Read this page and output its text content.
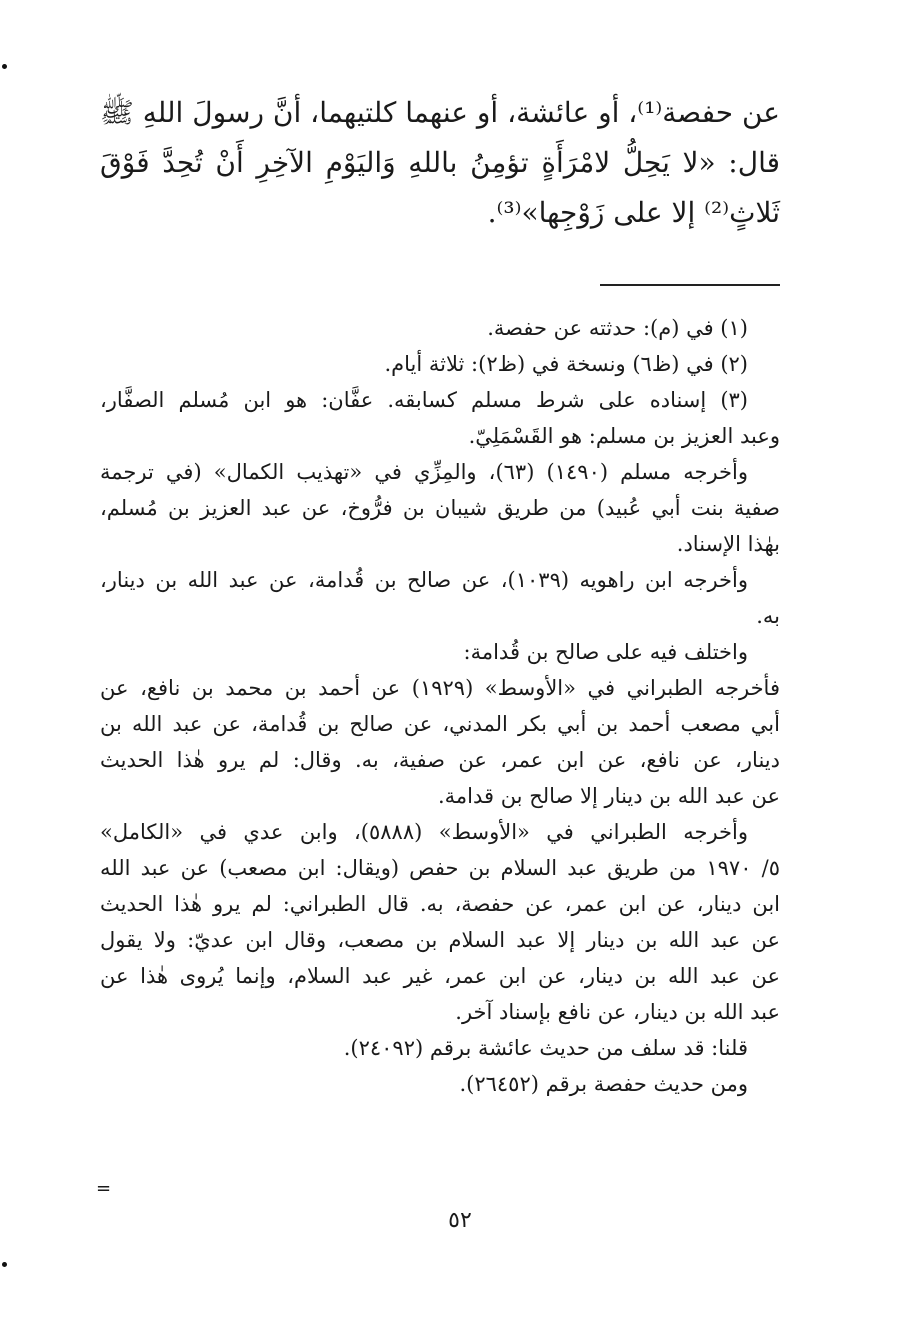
عن حفصة⁽¹⁾، أو عائشة، أو عنهما كلتيهما، أنَّ رسولَ اللهِ ﷺ قال: «لا يَحِلُّ لامْرَأَةٍ تؤمِنُ باللهِ وَاليَوْمِ الآخِرِ أَنْ تُحِدَّ فَوْقَ ثَلاثٍ⁽²⁾ إلا على زَوْجِها»⁽³⁾.

(١) في (م): حدثته عن حفصة.
(٢) في (ظ٦) ونسخة في (ظ٢): ثلاثة أيام.
(٣) إسناده على شرط مسلم كسابقه. عفَّان: هو ابن مُسلم الصفَّار،
وعبد العزيز بن مسلم: هو القَسْمَلِيّ.
وأخرجه مسلم (١٤٩٠) (٦٣)، والمِزِّي في «تهذيب الكمال» (في ترجمة
صفية بنت أبي عُبيد) من طريق شيبان بن فرُّوخ، عن عبد العزيز بن مُسلم،
بهٰذا الإسناد.
وأخرجه ابن راهويه (١٠٣٩)، عن صالح بن قُدامة، عن عبد الله بن دينار،
به.
واختلف فيه على صالح بن قُدامة:
فأخرجه الطبراني في «الأوسط» (١٩٢٩) عن أحمد بن محمد بن نافع، عن
أبي مصعب أحمد بن أبي بكر المدني، عن صالح بن قُدامة، عن عبد الله بن
دينار، عن نافع، عن ابن عمر، عن صفية، به. وقال: لم يرو هٰذا الحديث
عن عبد الله بن دينار إلا صالح بن قدامة.
وأخرجه الطبراني في «الأوسط» (٥٨٨٨)، وابن عدي في «الكامل»
٥/ ١٩٧٠ من طريق عبد السلام بن حفص (ويقال: ابن مصعب) عن عبد الله
ابن دينار، عن ابن عمر، عن حفصة، به. قال الطبراني: لم يرو هٰذا الحديث
عن عبد الله بن دينار إلا عبد السلام بن مصعب، وقال ابن عديّ: ولا يقول
عن عبد الله بن دينار، عن ابن عمر، غير عبد السلام، وإنما يُروى هٰذا عن
عبد الله بن دينار، عن نافع بإسناد آخر.
قلنا: قد سلف من حديث عائشة برقم (٢٤٠٩٢).
ومن حديث حفصة برقم (٢٦٤٥٢).
=
٥٢
